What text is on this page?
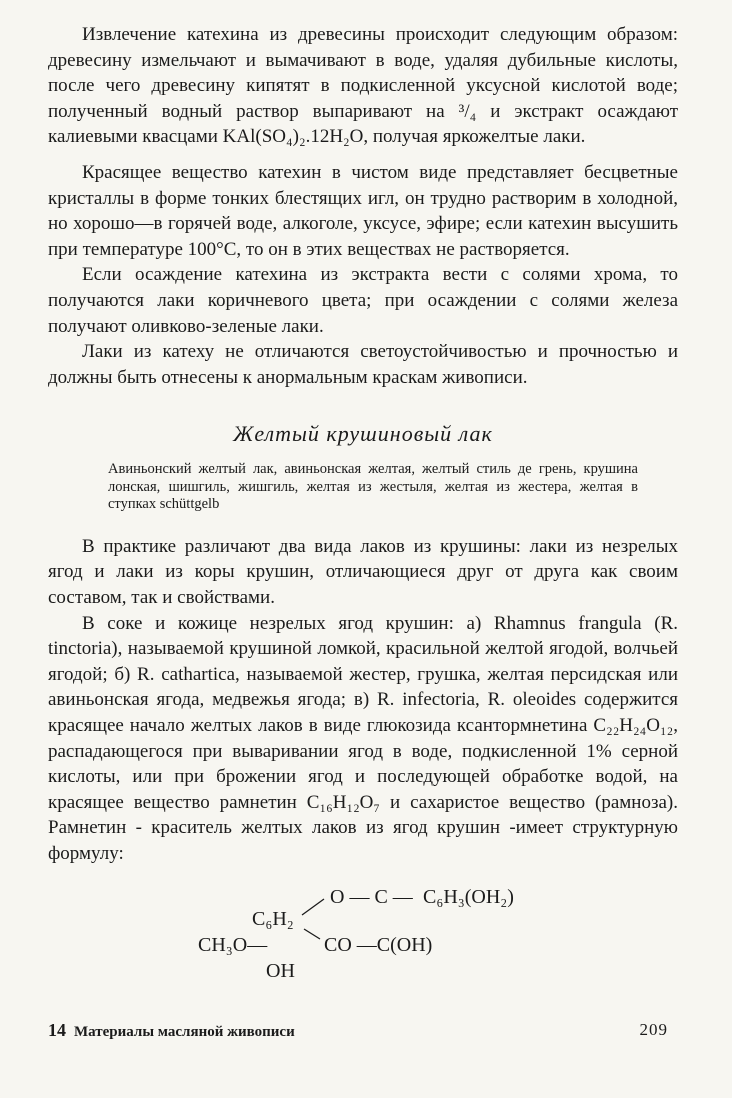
Извлечение катехина из древесины происходит следующим образом: древесину измельчают и вымачивают в воде, удаляя дубильные кислоты, после чего древесину кипятят в подкисленной уксусной кислотой воде; полученный водный раствор выпаривают на ³/₄ и экстракт осаждают калиевыми квасцами KAl(SO₄)₂.12H₂O, получая яркожелтые лаки.

Красящее вещество катехин в чистом виде представляет бесцветные кристаллы в форме тонких блестящих игл, он трудно растворим в холодной, но хорошо—в горячей воде, алкоголе, уксусе, эфире; если катехин высушить при температуре 100°C, то он в этих веществах не растворяется.

Если осаждение катехина из экстракта вести с солями хрома, то получаются лаки коричневого цвета; при осаждении с солями железа получают оливково-зеленые лаки.

Лаки из катеху не отличаются светоустойчивостью и прочностью и должны быть отнесены к анормальным краскам живописи.

Желтый крушиновый лак
Авиньонский желтый лак, авиньонская желтая, желтый стиль де грень, крушина лонская, шишгиль, жишгиль, желтая из жестыля, желтая из жестера, желтая в ступках schüttgelb

В практике различают два вида лаков из крушины: лаки из незрелых ягод и лаки из коры крушин, отличающиеся друг от друга как своим составом, так и свойствами.

В соке и кожице незрелых ягод крушин: а) Rhamnus frangula (R. tinctoria), называемой крушиной ломкой, красильной желтой ягодой, волчьей ягодой; б) R. cathartica, называемой жестер, грушка, желтая персидская или авиньонская ягода, медвежья ягода; в) R. infectoria, R. oleoides содержится красящее начало желтых лаков в виде глюкозида ксантормнетина C₂₂H₂₄O₁₂, распадающегося при вываривании ягод в воде, подкисленной 1% серной кислоты, или при брожении ягод и последующей обработке водой, на красящее вещество рамнетин C₁₆H₁₂O₇ и сахаристое вещество (рамноза). Рамнетин - краситель желтых лаков из ягод крушин -имеет структурную формулу:

O — C — C₆H₃(OH₂)
C₆H₂
CH₃O—	CO —C(OH)
OH
14 Материалы масляной живописи	209
